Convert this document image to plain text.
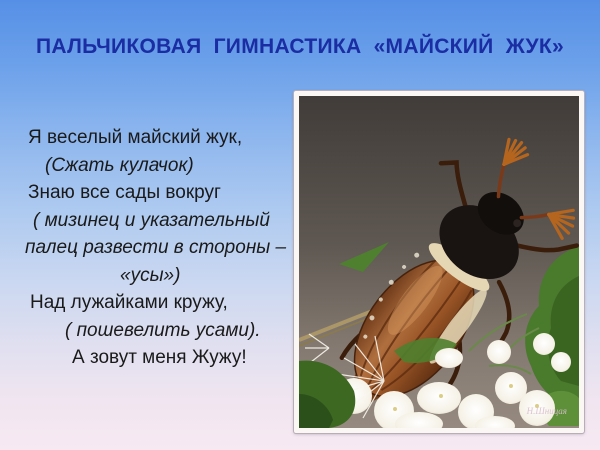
ПАЛЬЧИКОВАЯ ГИМНАСТИКА «МАЙСКИЙ ЖУК»
Я веселый майский жук,
(Сжать кулачок)
Знаю все сады вокруг
( мизинец и указательный
палец развести в стороны –
«усы»)
Над лужайками кружу,
( пошевелить усами).
А зовут меня Жужу!
Н.Шницая
